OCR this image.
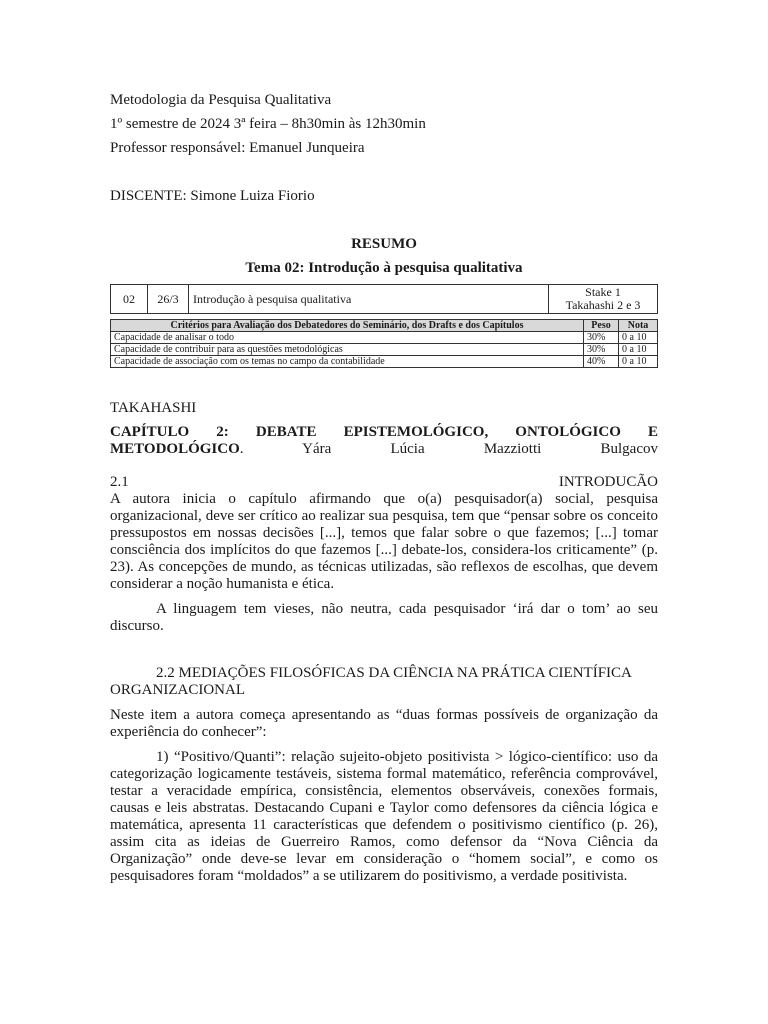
Metodologia da Pesquisa Qualitativa

1º semestre de 2024 3ª feira – 8h30min às 12h30min

Professor responsável: Emanuel Junqueira

DISCENTE: Simone Luiza Fiorio

RESUMO

Tema 02: Introdução à pesquisa qualitativa

02	26/3	Introdução à pesquisa qualitativa	Stake 1
Takahashi 2 e 3
Critérios para Avaliação dos Debatedores do Seminário, dos Drafts e dos Capítulos	Peso	Nota
Capacidade de analisar o todo	30%	0 a 10
Capacidade de contribuir para as questões metodológicas	30%	0 a 10
Capacidade de associação com os temas no campo da contabilidade	40%	0 a 10

TAKAHASHI

CAPÍTULO 2: DEBATE EPISTEMOLÓGICO, ONTOLÓGICO E METODOLÓGICO. Yára Lúcia Mazziotti Bulgacov

2.1	INTRODUCÃO

A autora inicia o capítulo afirmando que o(a) pesquisador(a) social, pesquisa organizacional, deve ser crítico ao realizar sua pesquisa, tem que “pensar sobre os conceito pressupostos em nossas decisões [...], temos que falar sobre o que fazemos; [...] tomar consciência dos implícitos do que fazemos [...] debate-los, considera-los criticamente” (p. 23). As concepções de mundo, as técnicas utilizadas, são reflexos de escolhas, que devem considerar a noção humanista e ética.

A linguagem tem vieses, não neutra, cada pesquisador ‘irá dar o tom’ ao seu discurso.

2.2 MEDIAÇÕES FILOSÓFICAS DA CIÊNCIA NA PRÁTICA CIENTÍFICA ORGANIZACIONAL

Neste item a autora começa apresentando as “duas formas possíveis de organização da experiência do conhecer”:

1) “Positivo/Quanti”: relação sujeito-objeto positivista > lógico-científico: uso da categorização logicamente testáveis, sistema formal matemático, referência comprovável, testar a veracidade empírica, consistência, elementos observáveis, conexões formais, causas e leis abstratas. Destacando Cupani e Taylor como defensores da ciência lógica e matemática, apresenta 11 características que defendem o positivismo científico (p. 26), assim cita as ideias de Guerreiro Ramos, como defensor da “Nova Ciência da Organização” onde deve-se levar em consideração o “homem social”, e como os pesquisadores foram “moldados” a se utilizarem do positivismo, a verdade positivista.
